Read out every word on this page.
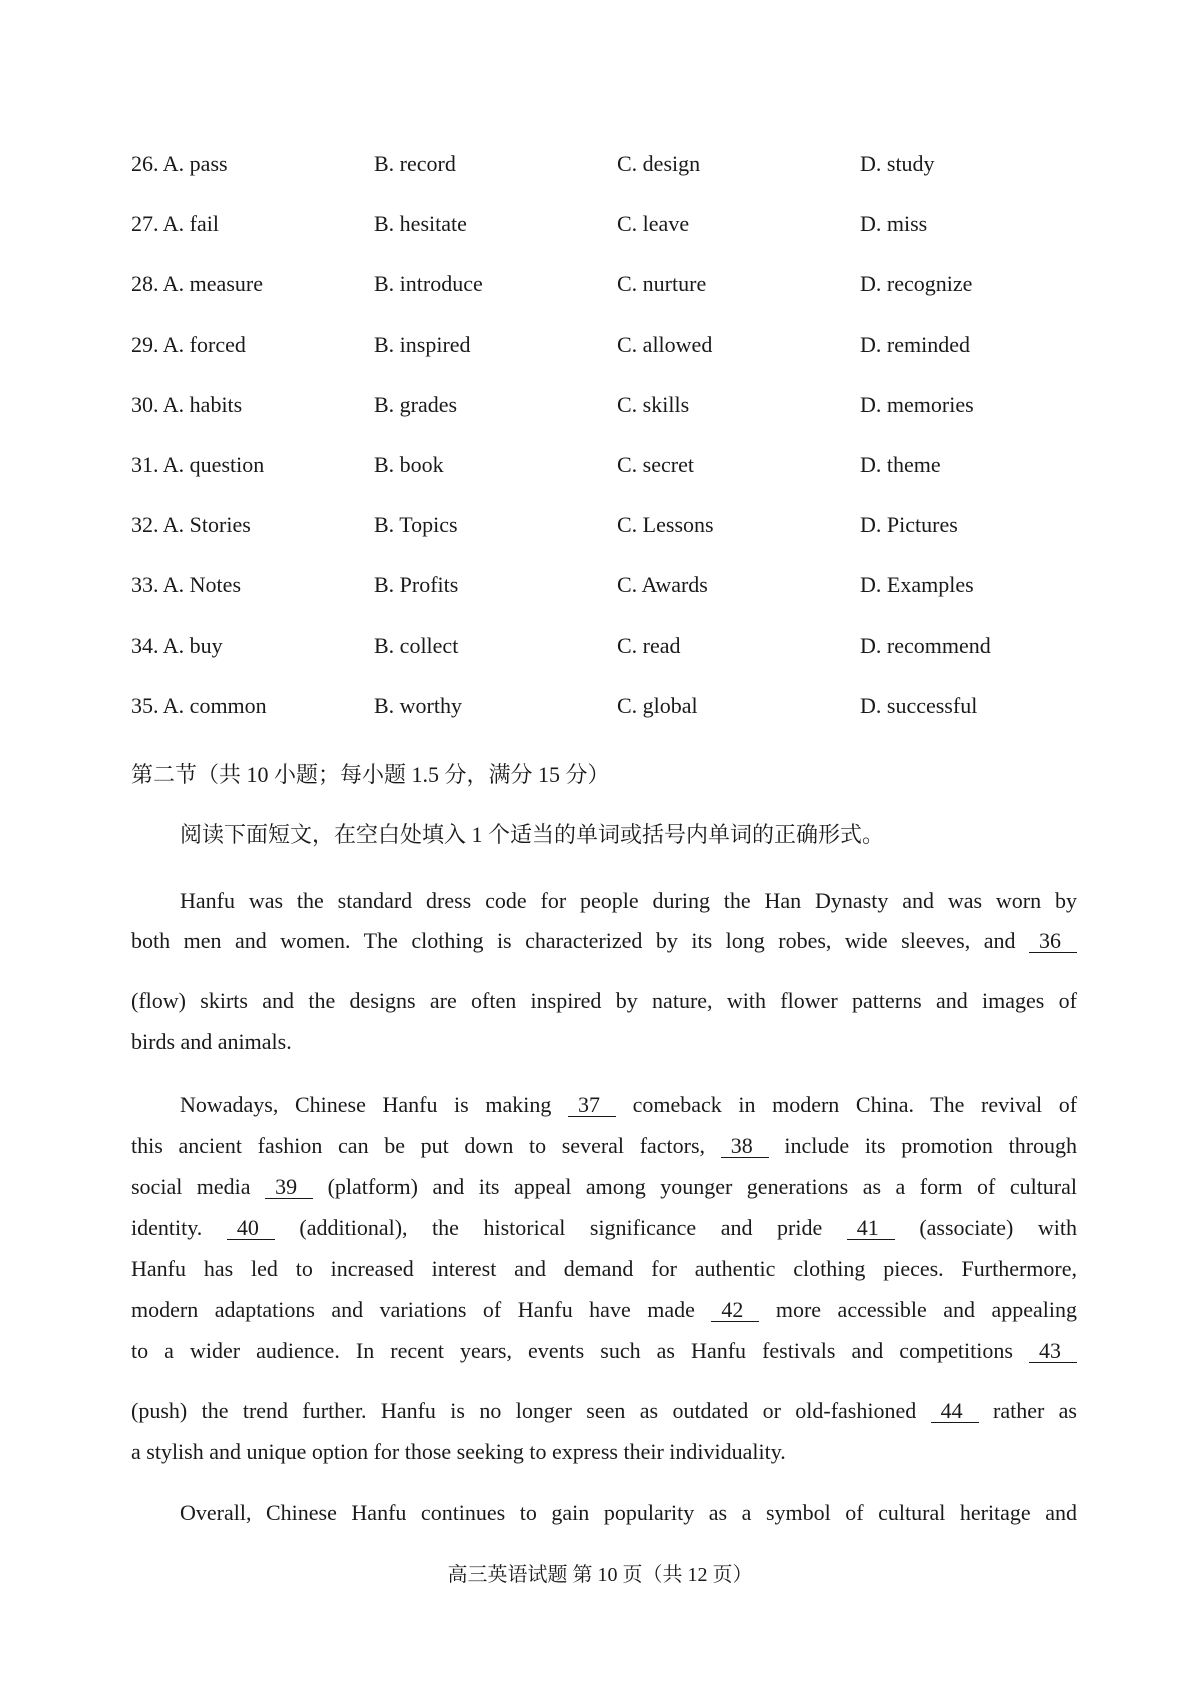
26. A. pass	B. record	C. design	D. study
27. A. fail	B. hesitate	C. leave	D. miss
28. A. measure	B. introduce	C. nurture	D. recognize
29. A. forced	B. inspired	C. allowed	D. reminded
30. A. habits	B. grades	C. skills	D. memories
31. A. question	B. book	C. secret	D. theme
32. A. Stories	B. Topics	C. Lessons	D. Pictures
33. A. Notes	B. Profits	C. Awards	D. Examples
34. A. buy	B. collect	C. read	D. recommend
35. A. common	B. worthy	C. global	D. successful
第二节（共 10 小题；每小题 1.5 分，满分 15 分）
阅读下面短文，在空白处填入 1 个适当的单词或括号内单词的正确形式。
Hanfu was the standard dress code for people during the Han Dynasty and was worn by
both men and women. The clothing is characterized by its long robes, wide sleeves, and 36
(flow) skirts and the designs are often inspired by nature, with flower patterns and images of
birds and animals.
Nowadays, Chinese Hanfu is making 37 comeback in modern China. The revival of
this ancient fashion can be put down to several factors, 38 include its promotion through
social media 39 (platform) and its appeal among younger generations as a form of cultural
identity. 40 (additional), the historical significance and pride 41 (associate) with
Hanfu has led to increased interest and demand for authentic clothing pieces. Furthermore,
modern adaptations and variations of Hanfu have made 42 more accessible and appealing
to a wider audience. In recent years, events such as Hanfu festivals and competitions 43
(push) the trend further. Hanfu is no longer seen as outdated or old-fashioned 44 rather as
a stylish and unique option for those seeking to express their individuality.
Overall, Chinese Hanfu continues to gain popularity as a symbol of cultural heritage and
高三英语试题 第 10 页（共 12 页）
